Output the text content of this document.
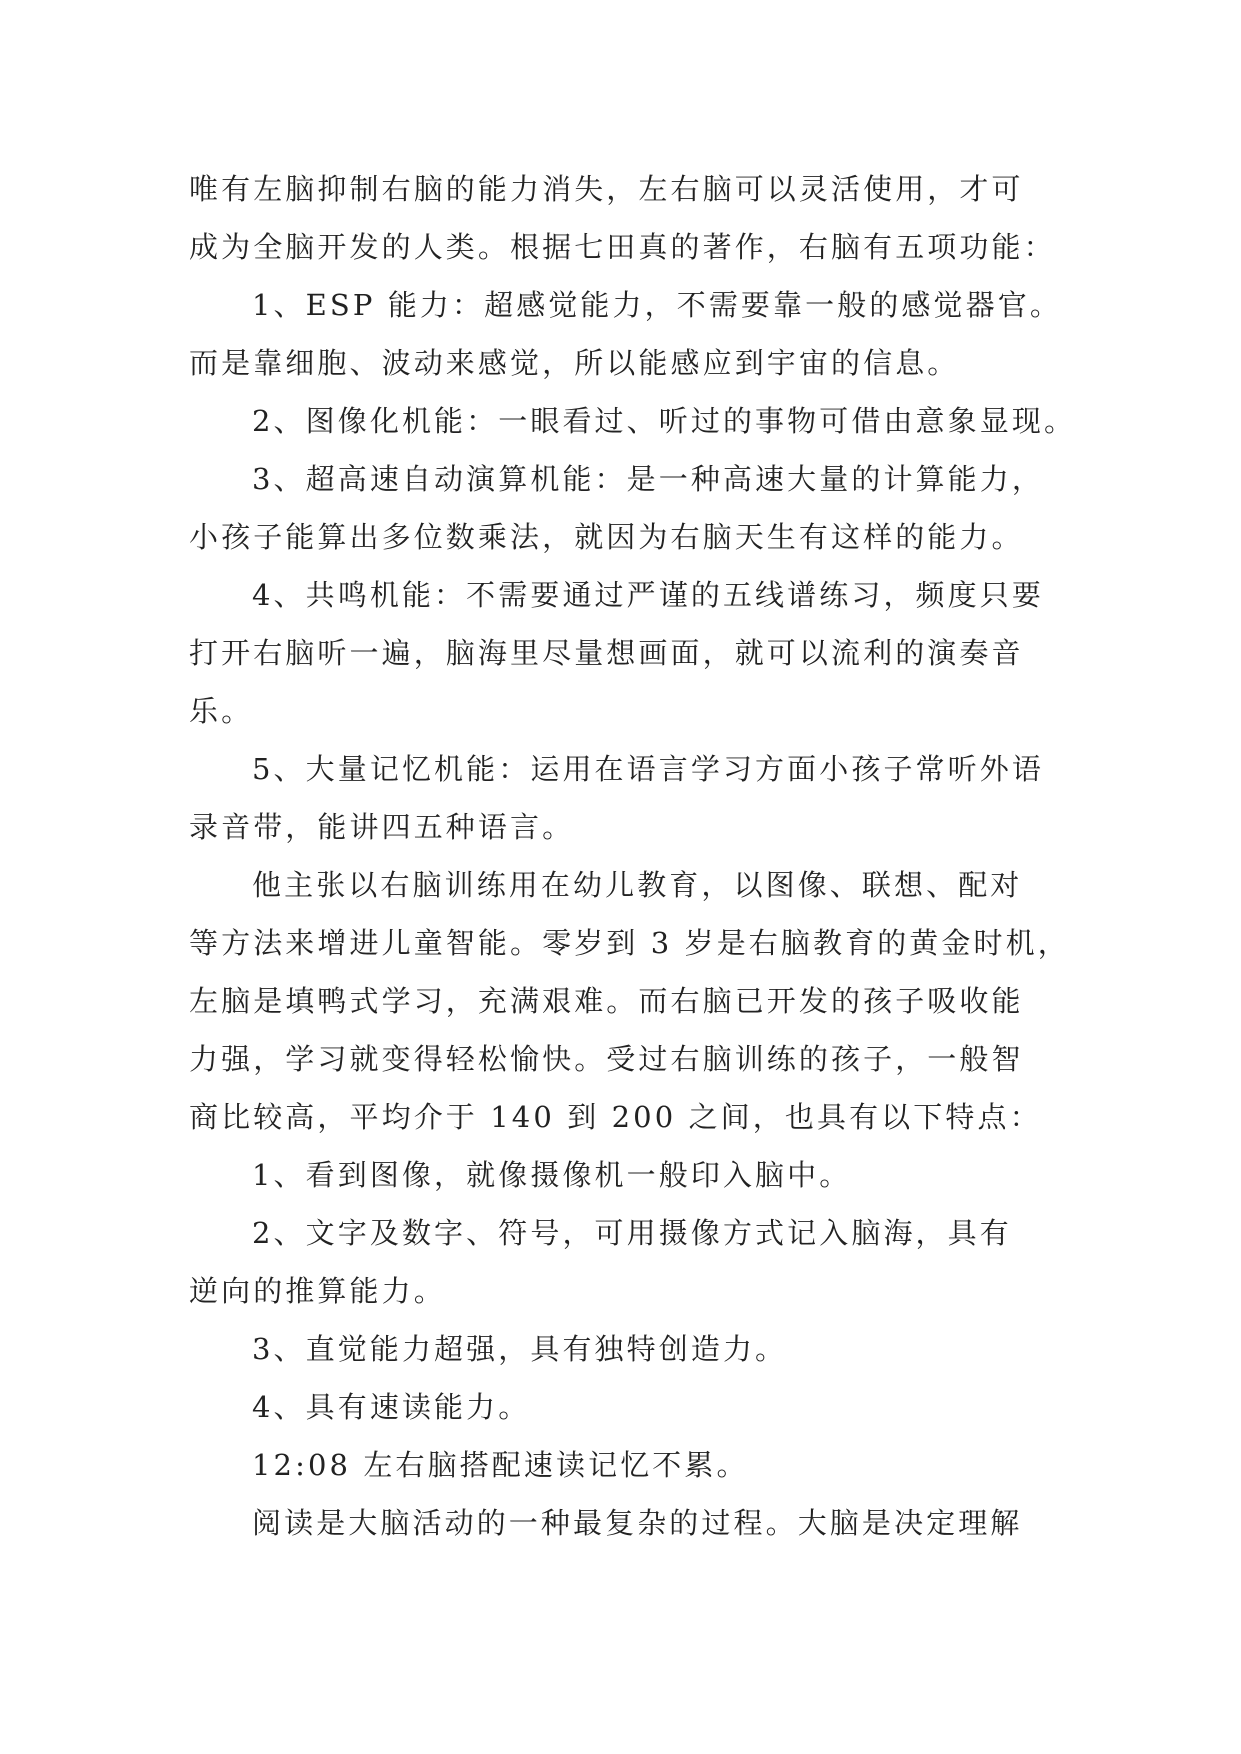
唯有左脑抑制右脑的能力消失，左右脑可以灵活使用，才可
成为全脑开发的人类。根据七田真的著作，右脑有五项功能：
1、ESP 能力：超感觉能力，不需要靠一般的感觉器官。
而是靠细胞、波动来感觉，所以能感应到宇宙的信息。
2、图像化机能：一眼看过、听过的事物可借由意象显现。
3、超高速自动演算机能：是一种高速大量的计算能力，
小孩子能算出多位数乘法，就因为右脑天生有这样的能力。
4、共鸣机能：不需要通过严谨的五线谱练习，频度只要
打开右脑听一遍，脑海里尽量想画面，就可以流利的演奏音
乐。
5、大量记忆机能：运用在语言学习方面小孩子常听外语
录音带，能讲四五种语言。
他主张以右脑训练用在幼儿教育，以图像、联想、配对
等方法来增进儿童智能。零岁到 3 岁是右脑教育的黄金时机，
左脑是填鸭式学习，充满艰难。而右脑已开发的孩子吸收能
力强，学习就变得轻松愉快。受过右脑训练的孩子，一般智
商比较高，平均介于 140 到 200 之间，也具有以下特点：
1、看到图像，就像摄像机一般印入脑中。
2、文字及数字、符号，可用摄像方式记入脑海，具有
逆向的推算能力。
3、直觉能力超强，具有独特创造力。
4、具有速读能力。
12:08 左右脑搭配速读记忆不累。
阅读是大脑活动的一种最复杂的过程。大脑是决定理解
